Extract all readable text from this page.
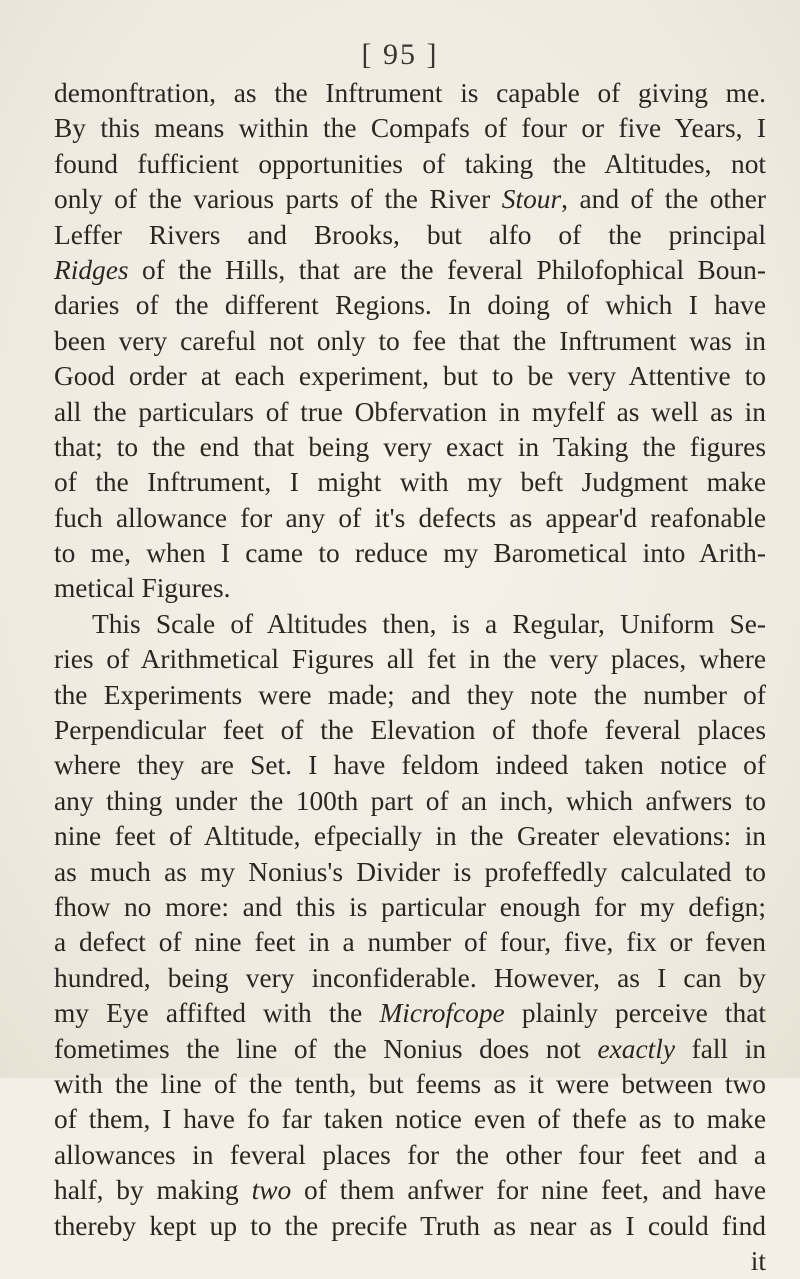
[ 95 ]
demonftration, as the Inftrument is capable of giving me.
By this means within the Compafs of four or five Years, I
found fufficient opportunities of taking the Altitudes, not
only of the various parts of the River Stour, and of the other
Leffer Rivers and Brooks, but alfo of the principal
Ridges of the Hills, that are the feveral Philofophical Boun-
daries of the different Regions. In doing of which I have
been very careful not only to fee that the Inftrument was in
Good order at each experiment, but to be very Attentive to
all the particulars of true Obfervation in myfelf as well as in
that; to the end that being very exact in Taking the figures
of the Inftrument, I might with my beft Judgment make
fuch allowance for any of it's defects as appear'd reafonable
to me, when I came to reduce my Barometical into Arith-
metical Figures.
This Scale of Altitudes then, is a Regular, Uniform Se-
ries of Arithmetical Figures all fet in the very places, where
the Experiments were made; and they note the number of
Perpendicular feet of the Elevation of thofe feveral places
where they are Set. I have feldom indeed taken notice of
any thing under the 100th part of an inch, which anfwers to
nine feet of Altitude, efpecially in the Greater elevations: in
as much as my Nonius's Divider is profeffedly calculated to
fhow no more: and this is particular enough for my defign;
a defect of nine feet in a number of four, five, fix or feven
hundred, being very inconfiderable. However, as I can by
my Eye affifted with the Microfcope plainly perceive that
fometimes the line of the Nonius does not exactly fall in
with the line of the tenth, but feems as it were between two
of them, I have fo far taken notice even of thefe as to make
allowances in feveral places for the other four feet and a
half, by making two of them anfwer for nine feet, and have
thereby kept up to the precife Truth as near as I could find
it
